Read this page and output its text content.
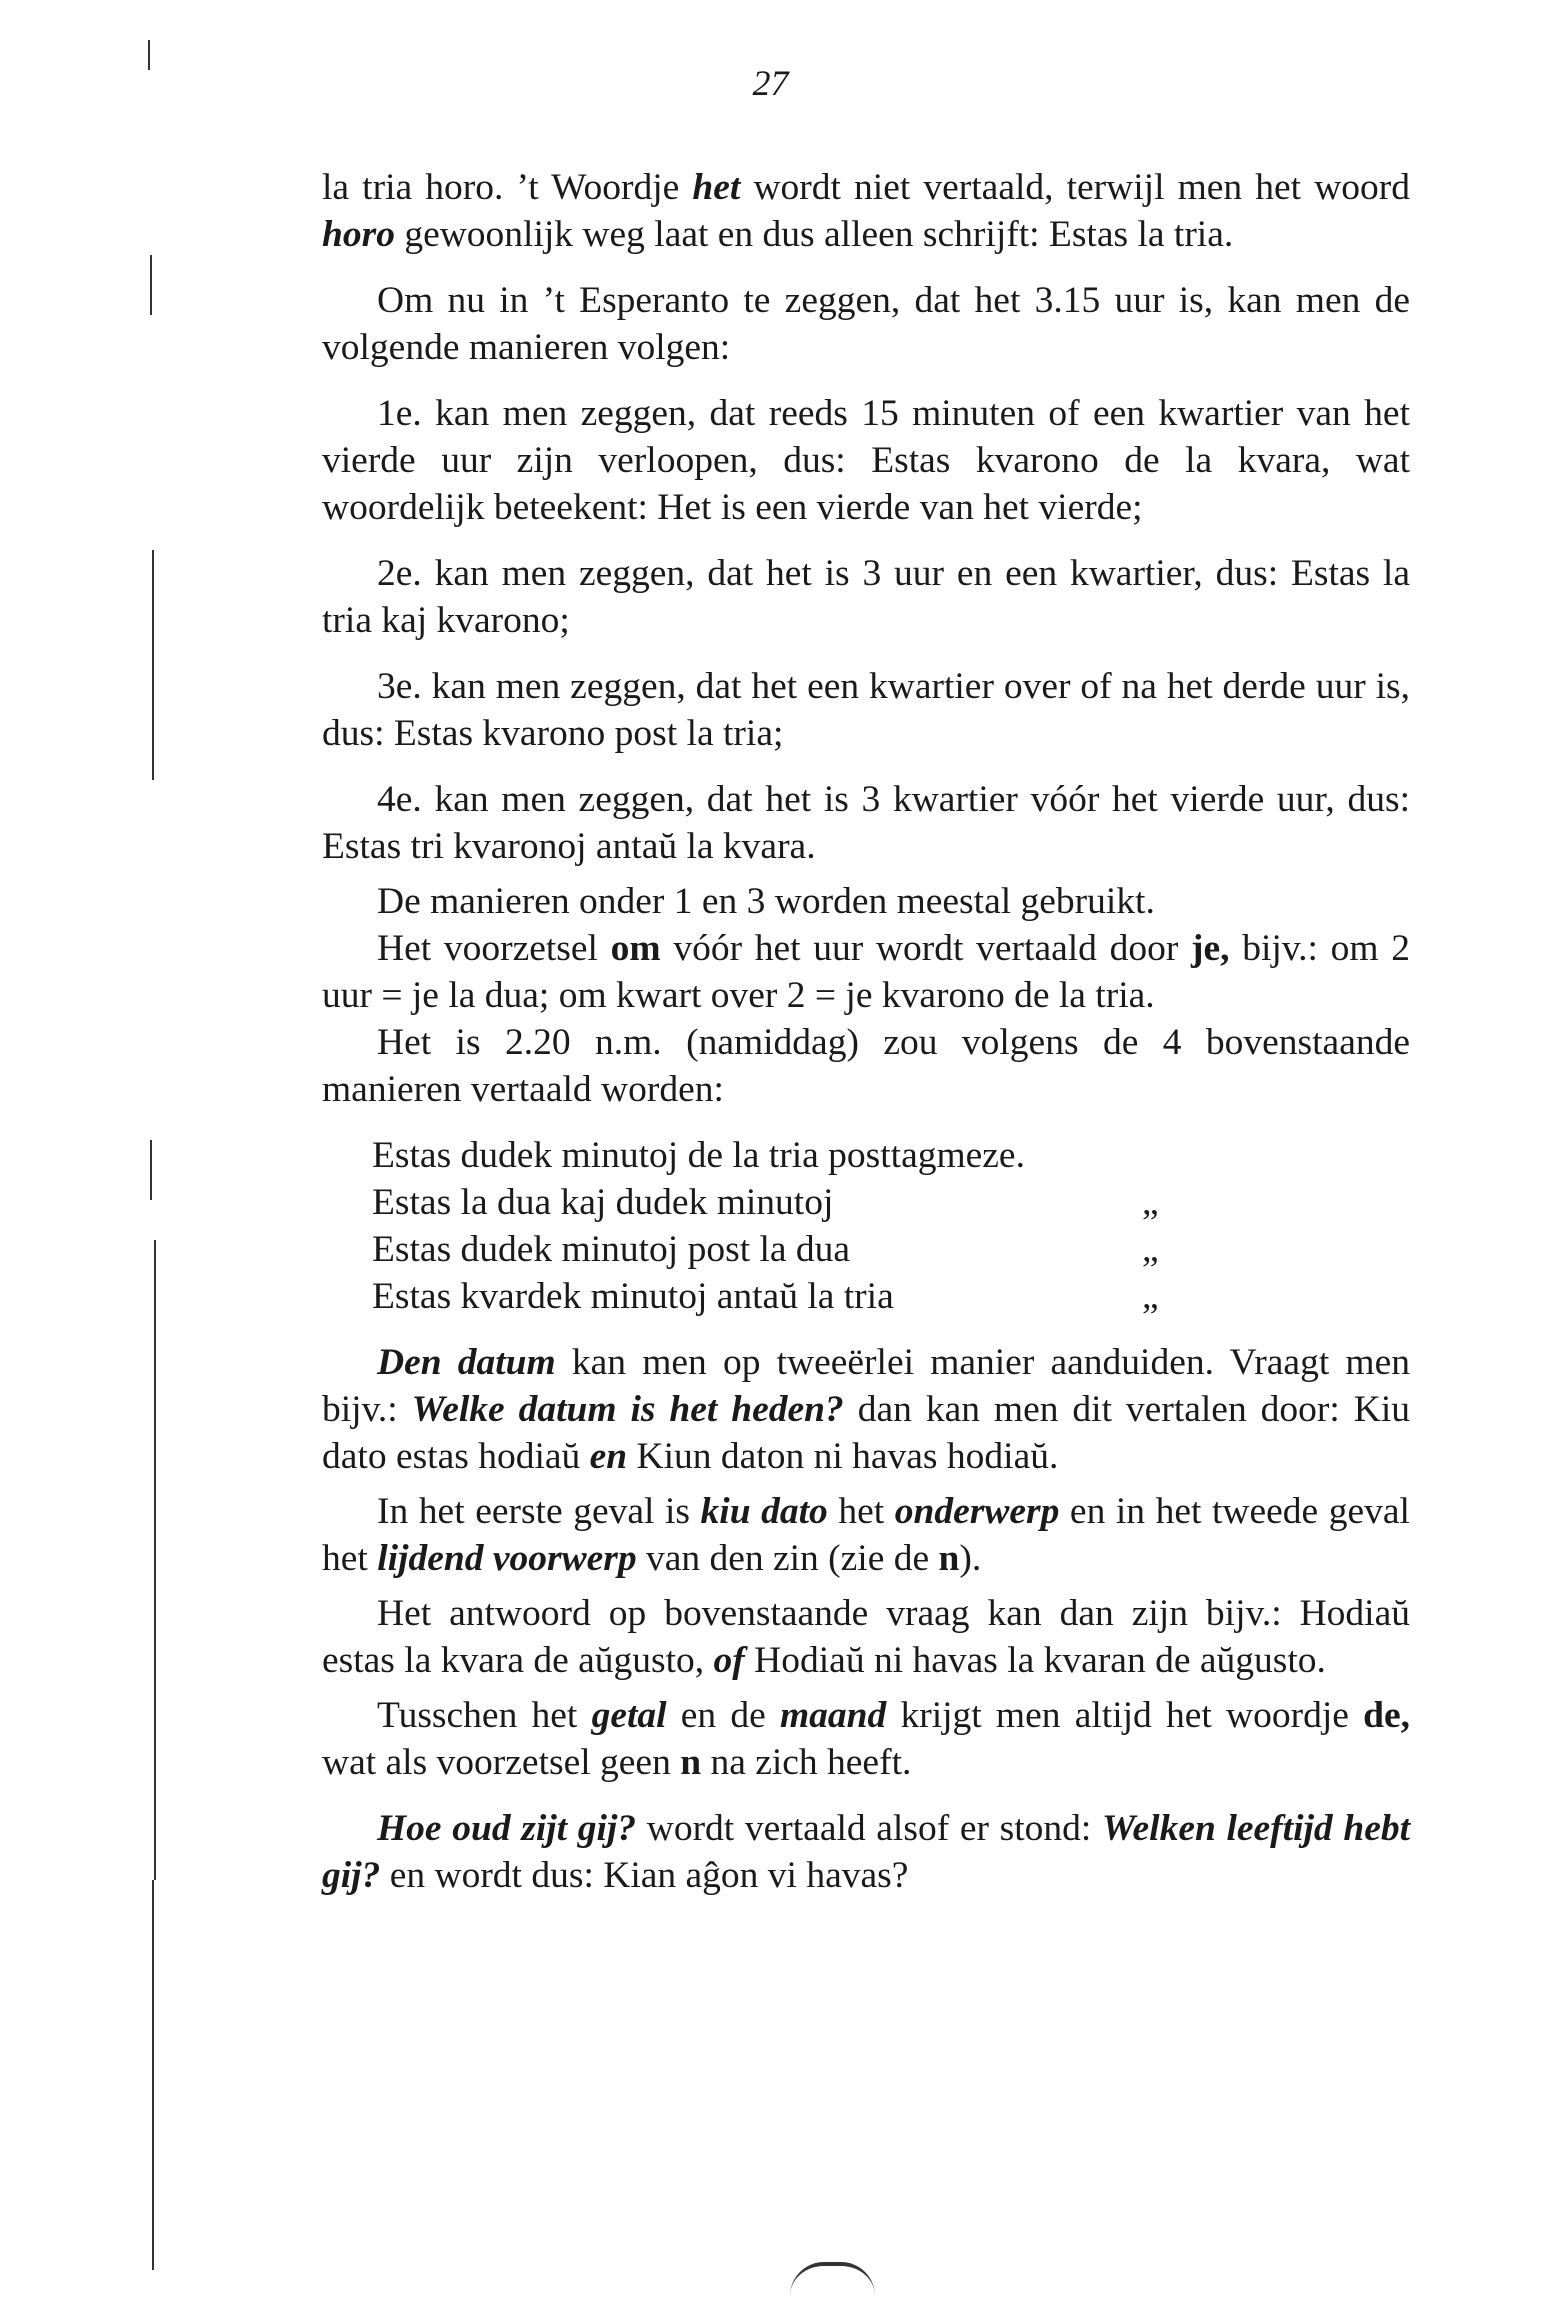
27

la tria horo. ’t Woordje het wordt niet vertaald, terwijl men het woord horo gewoonlijk weg laat en dus alleen schrijft: Estas la tria.

Om nu in ’t Esperanto te zeggen, dat het 3.15 uur is, kan men de volgende manieren volgen:

1e. kan men zeggen, dat reeds 15 minuten of een kwartier van het vierde uur zijn verloopen, dus: Estas kvarono de la kvara, wat woordelijk beteekent: Het is een vierde van het vierde;

2e. kan men zeggen, dat het is 3 uur en een kwartier, dus: Estas la tria kaj kvarono;

3e. kan men zeggen, dat het een kwartier over of na het derde uur is, dus: Estas kvarono post la tria;

4e. kan men zeggen, dat het is 3 kwartier vóór het vierde uur, dus: Estas tri kvaronoj antaŭ la kvara.

De manieren onder 1 en 3 worden meestal gebruikt.

Het voorzetsel om vóór het uur wordt vertaald door je, bijv.: om 2 uur = je la dua; om kwart over 2 = je kvarono de la tria.

Het is 2.20 n.m. (namiddag) zou volgens de 4 bovenstaande manieren vertaald worden:

Estas dudek minutoj de la tria posttagmeze.
Estas la dua kaj dudek minutoj	„
Estas dudek minutoj post la dua	„
Estas kvardek minutoj antaŭ la tria	„

Den datum kan men op tweeërlei manier aanduiden. Vraagt men bijv.: Welke datum is het heden? dan kan men dit vertalen door: Kiu dato estas hodiaŭ en Kiun daton ni havas hodiaŭ.

In het eerste geval is kiu dato het onderwerp en in het tweede geval het lijdend voorwerp van den zin (zie de n).

Het antwoord op bovenstaande vraag kan dan zijn bijv.: Hodiaŭ estas la kvara de aŭgusto, of Hodiaŭ ni havas la kvaran de aŭgusto.

Tusschen het getal en de maand krijgt men altijd het woordje de, wat als voorzetsel geen n na zich heeft.

Hoe oud zijt gij? wordt vertaald alsof er stond: Welken leeftijd hebt gij? en wordt dus: Kian aĝon vi havas?
